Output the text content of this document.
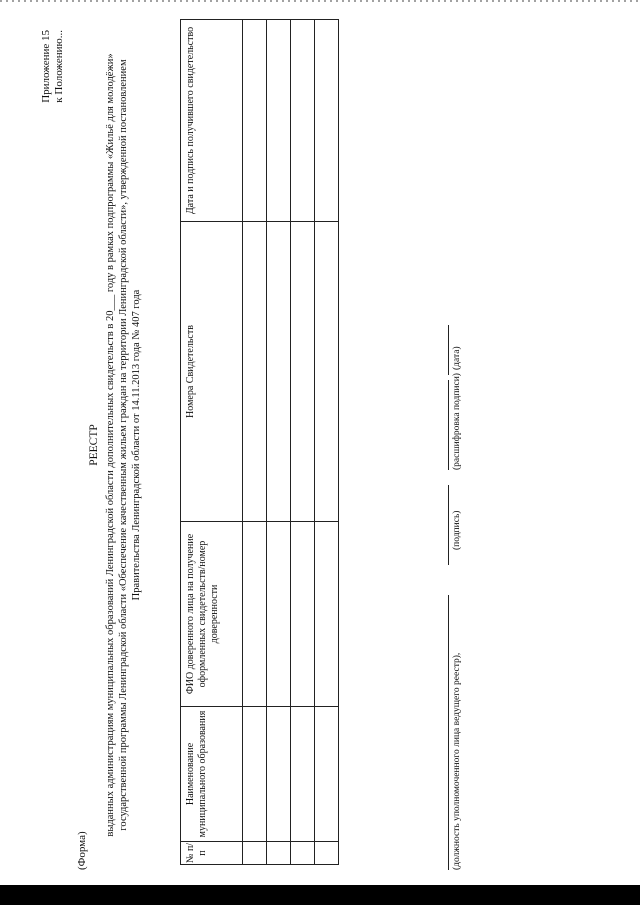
Приложение 15 к Положению...
(Форма)
РЕЕСТР выданных администрациям муниципальных образований Ленинградской области дополнительных свидетельств в 20___ году в рамках подпрограммы «Жильё для молодёжи» государственной программы Ленинградской области «Обеспечение качественным жильем граждан на территории Ленинградской области», утвержденной постановлением Правительства Ленинградской области от 14.11.2013 года № 407 года
№ п/п	Наименование муниципального образования	ФИО доверенного лица на получение оформленных свидетельств/номер доверенности	Номера Свидетельств	Дата и подпись получившего свидетельство

(должность уполномоченного лица ведущего реестр),
(подпись)
(расшифровка подписи)
(дата)
